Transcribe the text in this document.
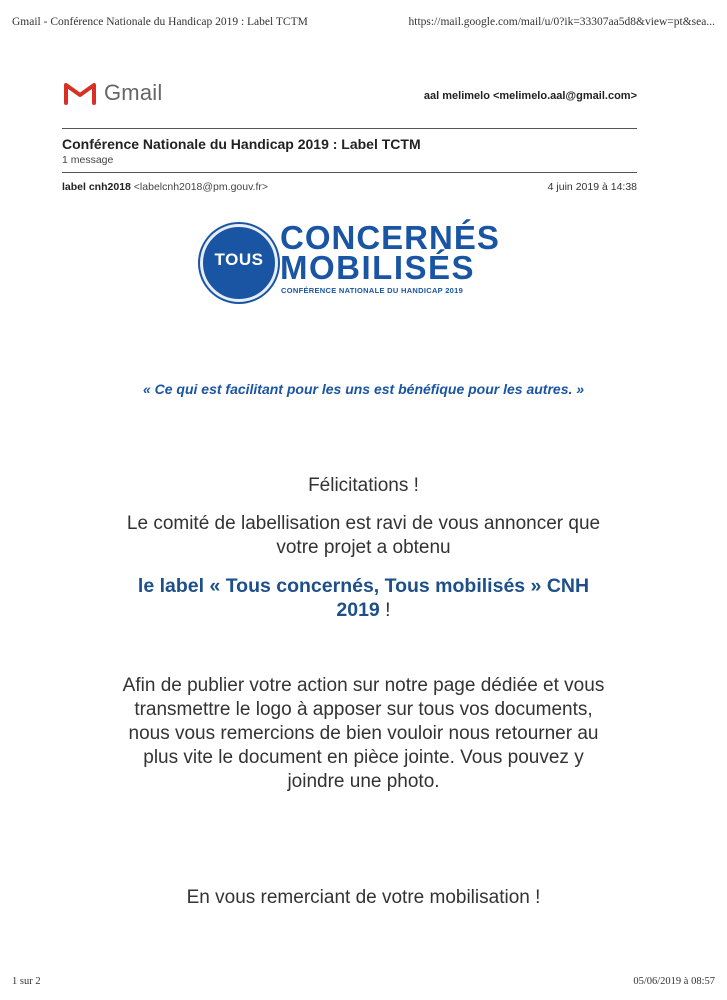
Gmail - Conférence Nationale du Handicap 2019 : Label TCTM	https://mail.google.com/mail/u/0?ik=33307aa5d8&view=pt&sea...
Gmail	aal melimelo <melimelo.aal@gmail.com>
Conférence Nationale du Handicap 2019 : Label TCTM
1 message
label cnh2018 <labelcnh2018@pm.gouv.fr>	4 juin 2019 à 14:38
TOUS
CONCERNÉS
MOBILISÉS
CONFÉRENCE NATIONALE DU HANDICAP 2019
« Ce qui est facilitant pour les uns est bénéfique pour les autres. »
Félicitations !
Le comité de labellisation est ravi de vous annoncer que
votre projet a obtenu
le label « Tous concernés, Tous mobilisés » CNH
2019 !
Afin de publier votre action sur notre page dédiée et vous
transmettre le logo à apposer sur tous vos documents,
nous vous remercions de bien vouloir nous retourner au
plus vite le document en pièce jointe. Vous pouvez y
joindre une photo.
En vous remerciant de votre mobilisation !
1 sur 2	05/06/2019 à 08:57
